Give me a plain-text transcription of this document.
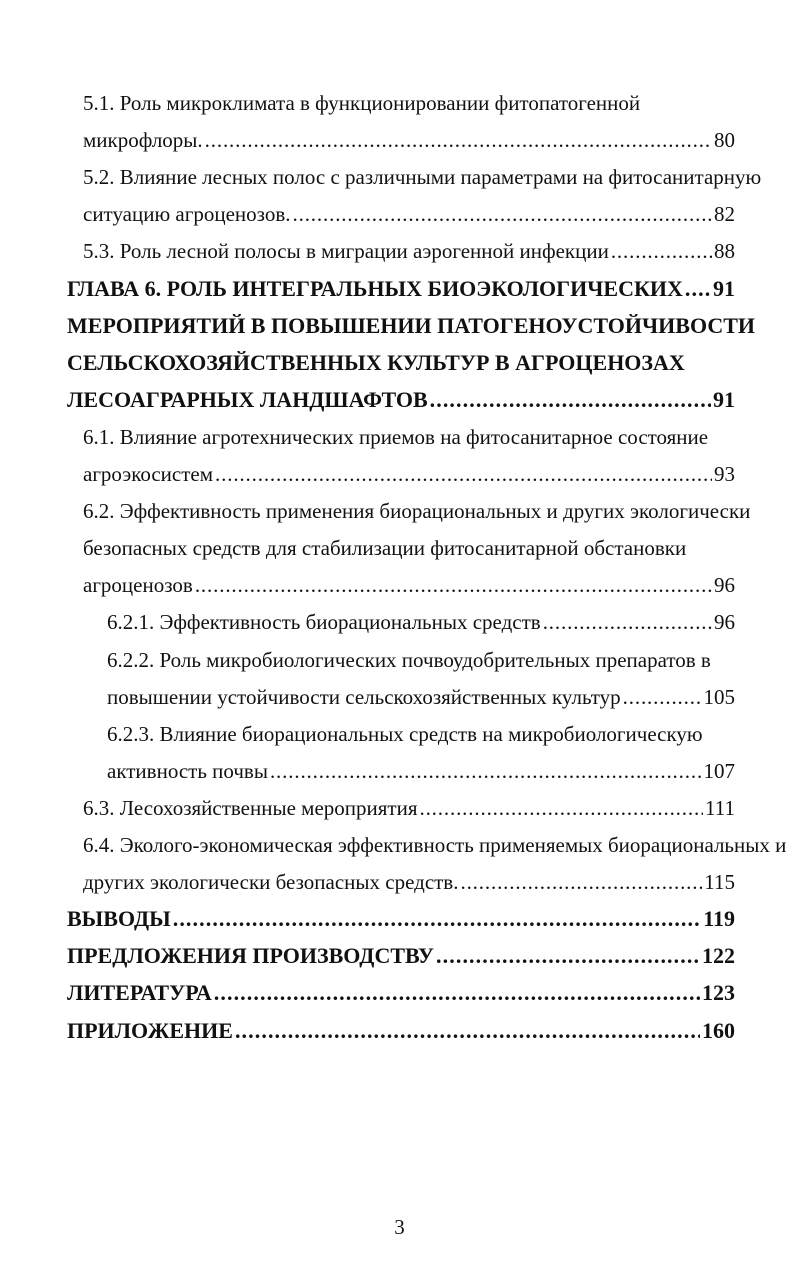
5.1. Роль микроклимата в функционировании фитопатогенной
микрофлоры. . . .	80
5.2. Влияние лесных полос с различными параметрами на фитосанитарную
ситуацию агроценозов. . . .	82
5.3. Роль лесной полосы в миграции аэрогенной инфекции . . .	88
ГЛАВА 6. РОЛЬ ИНТЕГРАЛЬНЫХ БИОЭКОЛОГИЧЕСКИХ . . . 91
МЕРОПРИЯТИЙ В ПОВЫШЕНИИ ПАТОГЕНОУСТОЙЧИВОСТИ
СЕЛЬСКОХОЗЯЙСТВЕННЫХ КУЛЬТУР В АГРОЦЕНОЗАХ
ЛЕСОАГРАРНЫХ ЛАНДШАФТОВ . . .	91
6.1. Влияние агротехнических приемов на фитосанитарное состояние
агроэкосистем . . .	93
6.2. Эффективность применения биорациональных и других экологически
безопасных средств для стабилизации фитосанитарной обстановки
агроценозов . . .	96
6.2.1. Эффективность биорациональных средств . . .	96
6.2.2. Роль микробиологических почвоудобрительных препаратов в
повышении устойчивости сельскохозяйственных культур . . .	105
6.2.3. Влияние биорациональных средств на микробиологическую
активность почвы . . .	107
6.3. Лесохозяйственные мероприятия . . .	111
6.4. Эколого-экономическая эффективность применяемых биорациональных и
других экологически безопасных средств. . . .	115
ВЫВОДЫ . . .	119
ПРЕДЛОЖЕНИЯ ПРОИЗВОДСТВУ . . .	122
ЛИТЕРАТУРА . . .	123
ПРИЛОЖЕНИЕ . . .	160
3
